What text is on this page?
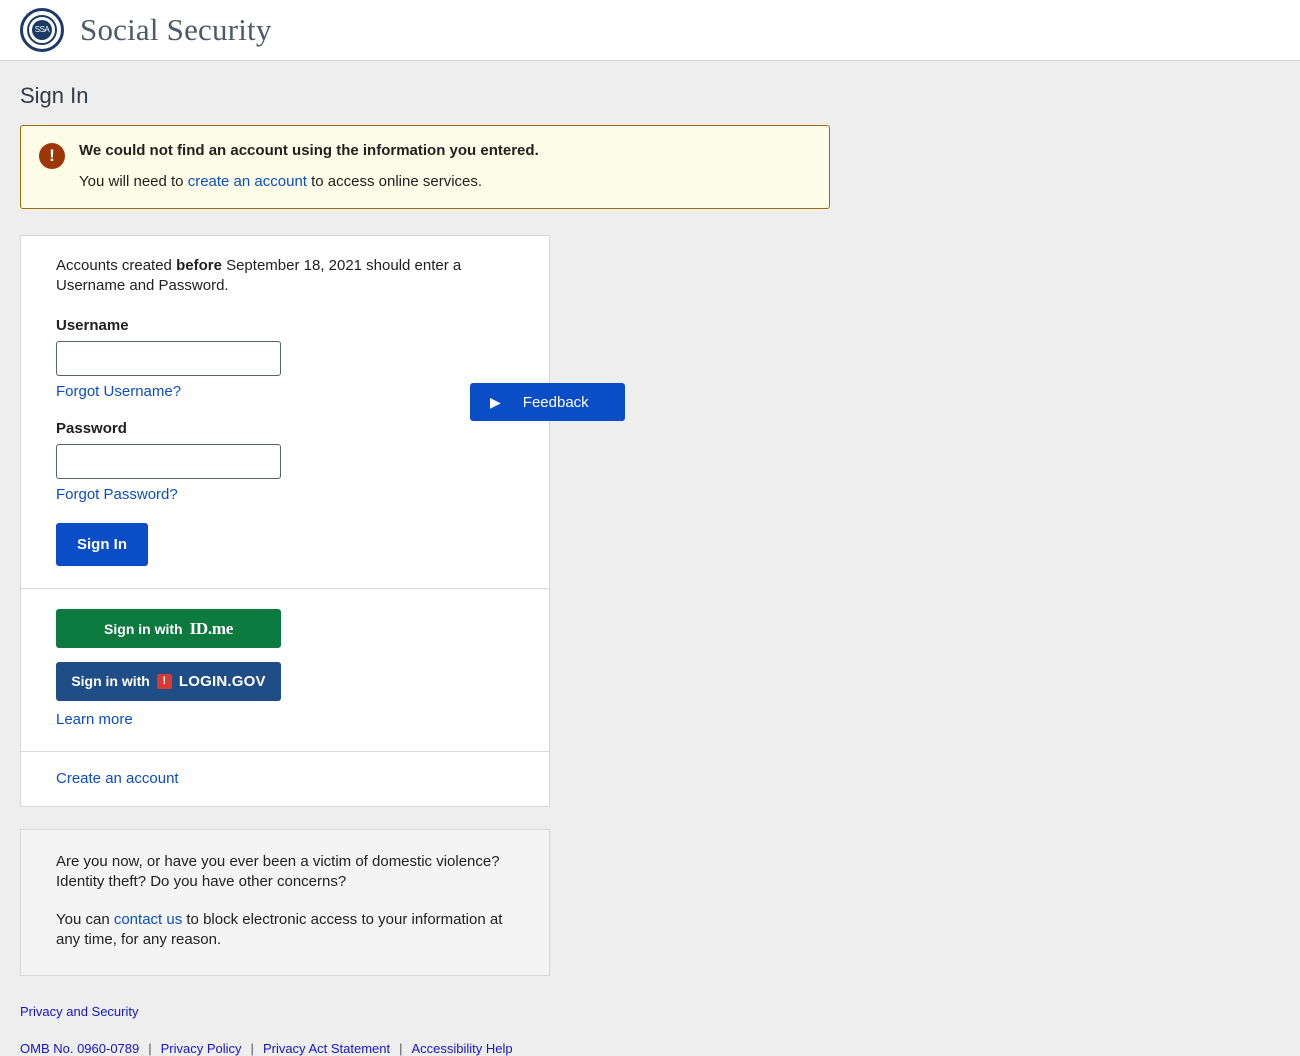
SSA Social Security
Sign In
!	We could not find an account using the information you entered.
You will need to create an account to access online services.
Accounts created before September 18, 2021 should enter a Username and Password.
Username
Forgot Username?
Password
Forgot Password?
Sign In
Sign in with ID.me
Sign in with	! LOGIN.GOV
Learn more
Create an account

Are you now, or have you ever been a victim of domestic violence? Identity theft? Do you have other concerns?

You can contact us to block electronic access to your information at any time, for any reason.

▶ Feedback
Privacy and Security
OMB No. 0960-0789 | Privacy Policy | Privacy Act Statement | Accessibility Help
